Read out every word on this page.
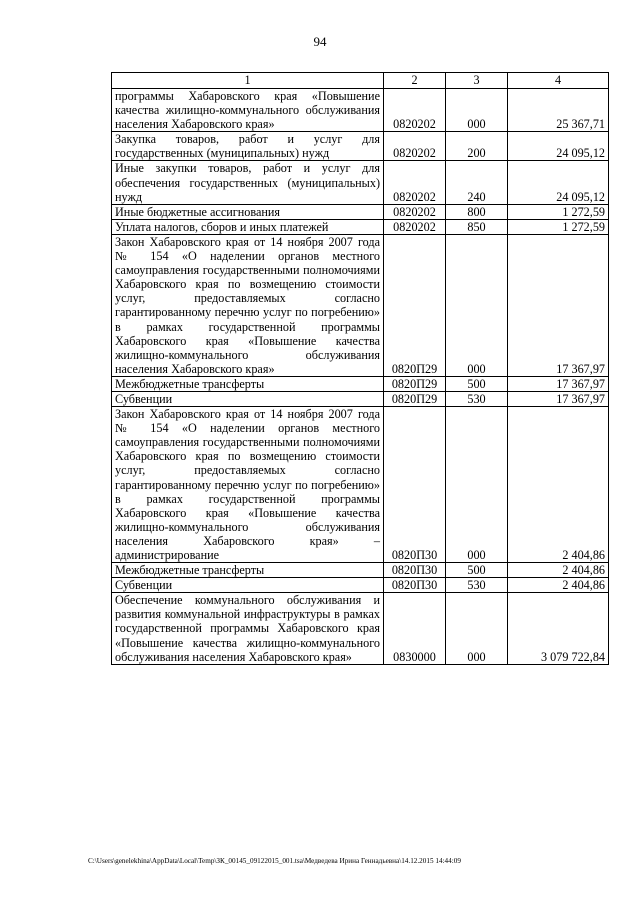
94
1	2	3	4
программы Хабаровского края «Повышение качества жилищно-коммунального обслуживания населения Хабаровского края»	0820202	000	25 367,71
Закупка товаров, работ и услуг для государственных (муниципальных) нужд	0820202	200	24 095,12
Иные закупки товаров, работ и услуг для обеспечения государственных (муниципальных) нужд	0820202	240	24 095,12
Иные бюджетные ассигнования	0820202	800	1 272,59
Уплата налогов, сборов и иных платежей	0820202	850	1 272,59
Закон Хабаровского края от 14 ноября 2007 года № 154 «О наделении органов местного самоуправления государственными полномочиями Хабаровского края по возмещению стоимости услуг, предоставляемых согласно гарантированному перечню услуг по погребению» в рамках государственной программы Хабаровского края «Повышение качества жилищно-коммунального обслуживания населения Хабаровского края»	0820П29	000	17 367,97
Межбюджетные трансферты	0820П29	500	17 367,97
Субвенции	0820П29	530	17 367,97
Закон Хабаровского края от 14 ноября 2007 года № 154 «О наделении органов местного самоуправления государственными полномочиями Хабаровского края по возмещению стоимости услуг, предоставляемых согласно гарантированному перечню услуг по погребению» в рамках государственной программы Хабаровского края «Повышение качества жилищно-коммунального обслуживания населения Хабаровского края» – администрирование	0820П30	000	2 404,86
Межбюджетные трансферты	0820П30	500	2 404,86
Субвенции	0820П30	530	2 404,86
Обеспечение коммунального обслуживания и развития коммунальной инфраструктуры в рамках государственной программы Хабаровского края «Повышение качества жилищно-коммунального обслуживания населения Хабаровского края»	0830000	000	3 079 722,84
C:\Users\genelekhina\AppData\Local\Temp\ЗК_00145_09122015_001.tsa\Медведева Ирина Геннадьевна\14.12.2015 14:44:09
